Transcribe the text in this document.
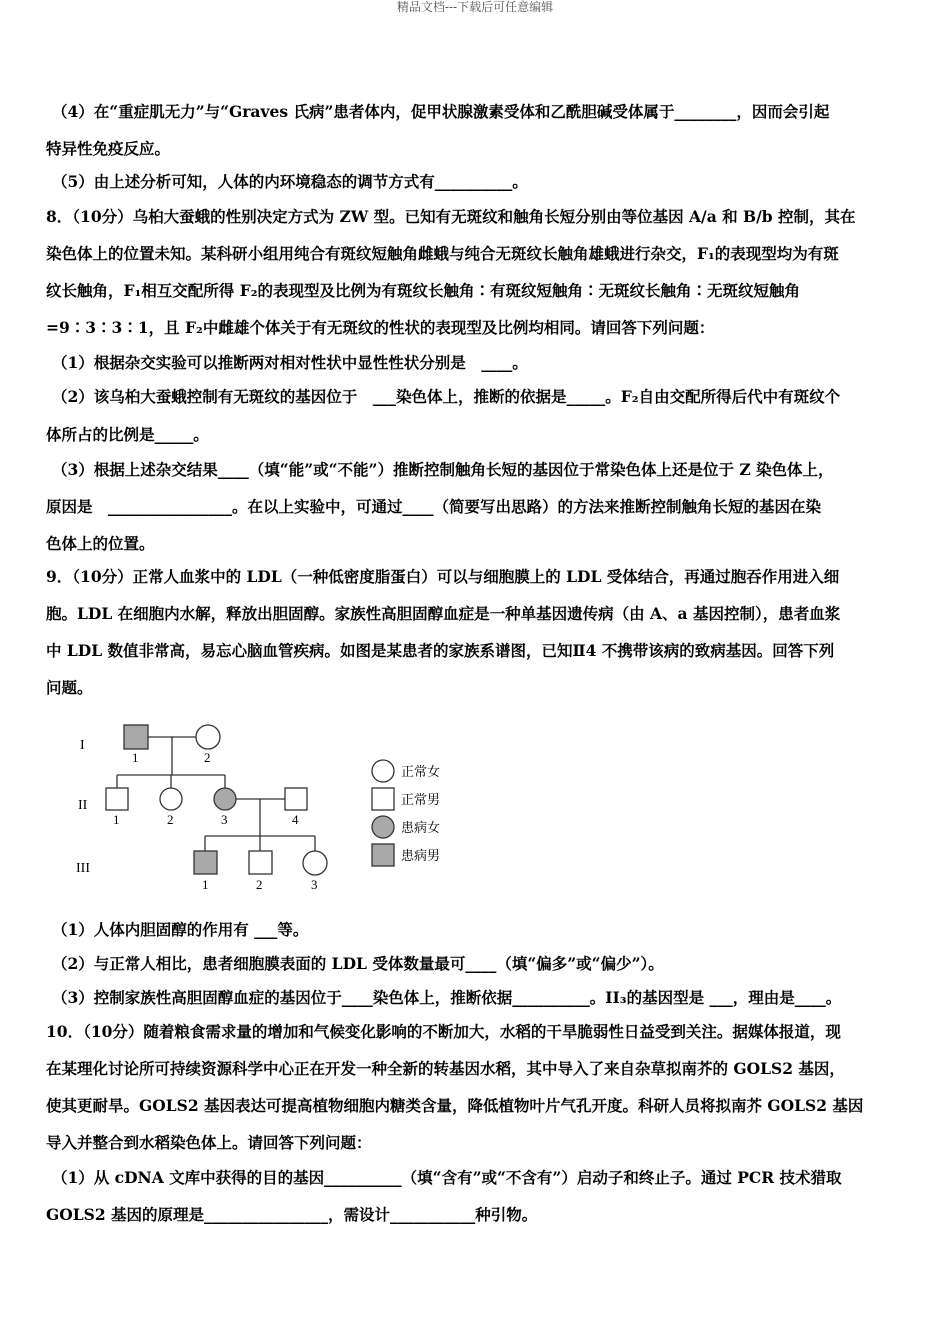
精品文档---下载后可任意编辑
（4）在“重症肌无力”与“Graves 氏病”患者体内，促甲状腺激素受体和乙酰胆碱受体属于________，因而会引起
特异性免疫反应。
（5）由上述分析可知，人体的内环境稳态的调节方式有__________。
8．（10分）乌桕大蚕蛾的性别决定方式为 ZW 型。已知有无斑纹和触角长短分别由等位基因 A/a 和 B/b 控制，其在
染色体上的位置未知。某科研小组用纯合有斑纹短触角雌蛾与纯合无斑纹长触角雄蛾进行杂交，F₁的表现型均为有斑
纹长触角，F₁相互交配所得 F₂的表现型及比例为有斑纹长触角∶有斑纹短触角∶无斑纹长触角∶无斑纹短触角
=9∶3∶3∶1，且 F₂中雌雄个体关于有无斑纹的性状的表现型及比例均相同。请回答下列问题：
（1）根据杂交实验可以推断两对相对性状中显性性状分别是　____。
（2）该乌桕大蚕蛾控制有无斑纹的基因位于　___染色体上，推断的依据是_____。F₂自由交配所得后代中有斑纹个
体所占的比例是_____。
（3）根据上述杂交结果____（填“能”或“不能”）推断控制触角长短的基因位于常染色体上还是位于 Z 染色体上，
原因是　________________。在以上实验中，可通过____（简要写出思路）的方法来推断控制触角长短的基因在染
色体上的位置。
9．（10分）正常人血浆中的 LDL（一种低密度脂蛋白）可以与细胞膜上的 LDL 受体结合，再通过胞吞作用进入细
胞。LDL 在细胞内水解，释放出胆固醇。家族性高胆固醇血症是一种单基因遗传病（由 A、a 基因控制），患者血浆
中 LDL 数值非常高，易忘心脑血管疾病。如图是某患者的家族系谱图，已知Ⅱ4 不携带该病的致病基因。回答下列
问题。
I
II
III
1	2
1	2	3	4
1	2	3
正常女
正常男
患病女
患病男
（1）人体内胆固醇的作用有 ___等。
（2）与正常人相比，患者细胞膜表面的 LDL 受体数量最可____（填“偏多”或“偏少”）。
（3）控制家族性高胆固醇血症的基因位于____染色体上，推断依据__________。II₃的基因型是 ___，理由是____。
10．（10分）随着粮食需求量的增加和气候变化影响的不断加大，水稻的干旱脆弱性日益受到关注。据媒体报道，现
在某理化讨论所可持续资源科学中心正在开发一种全新的转基因水稻，其中导入了来自杂草拟南芥的 GOLS2 基因，
使其更耐旱。GOLS2 基因表达可提高植物细胞内糖类含量，降低植物叶片气孔开度。科研人员将拟南芥 GOLS2 基因
导入并整合到水稻染色体上。请回答下列问题：
（1）从 cDNA 文库中获得的目的基因__________（填“含有”或“不含有”）启动子和终止子。通过 PCR 技术猎取
GOLS2 基因的原理是________________，需设计___________种引物。
